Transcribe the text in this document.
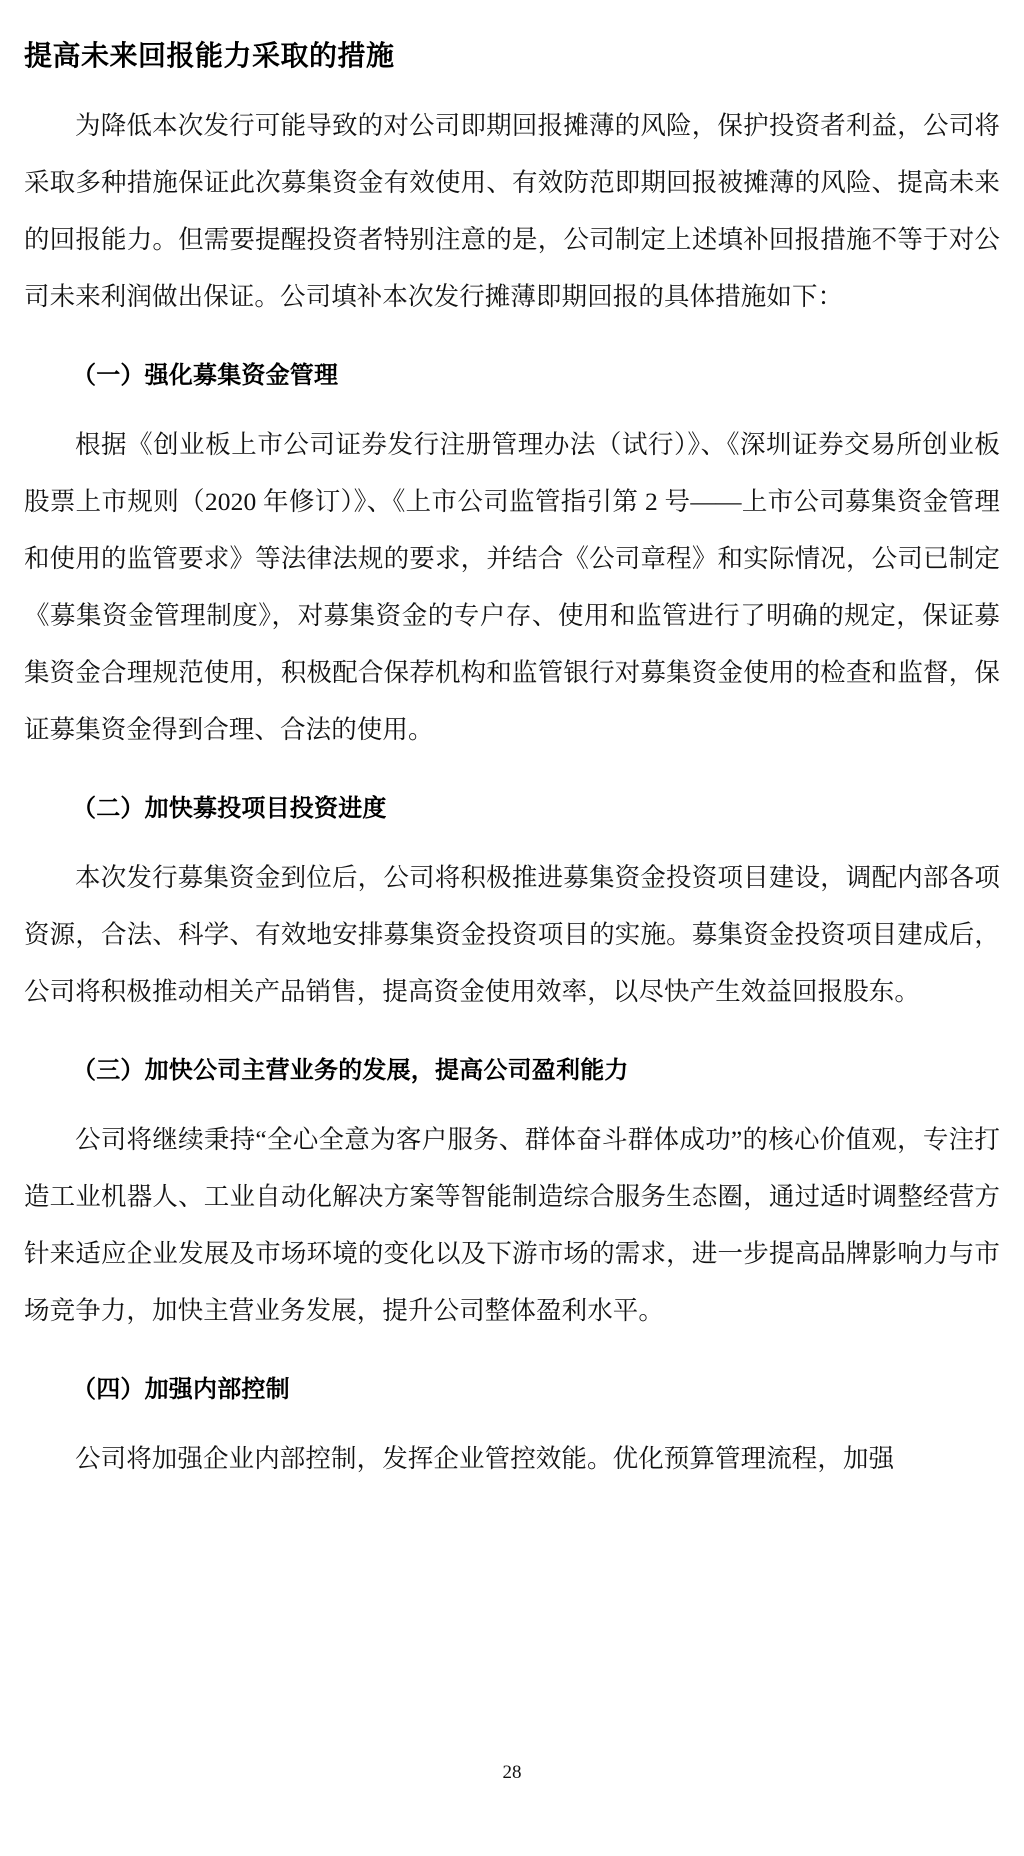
提高未来回报能力采取的措施

为降低本次发行可能导致的对公司即期回报摊薄的风险，保护投资者利益，公司将采取多种措施保证此次募集资金有效使用、有效防范即期回报被摊薄的风险、提高未来的回报能力。但需要提醒投资者特别注意的是，公司制定上述填补回报措施不等于对公司未来利润做出保证。公司填补本次发行摊薄即期回报的具体措施如下：

（一）强化募集资金管理

根据《创业板上市公司证券发行注册管理办法（试行）》、《深圳证券交易所创业板股票上市规则（2020 年修订）》、《上市公司监管指引第 2 号——上市公司募集资金管理和使用的监管要求》等法律法规的要求，并结合《公司章程》和实际情况，公司已制定《募集资金管理制度》，对募集资金的专户存、使用和监管进行了明确的规定，保证募集资金合理规范使用，积极配合保荐机构和监管银行对募集资金使用的检查和监督，保证募集资金得到合理、合法的使用。

（二）加快募投项目投资进度

本次发行募集资金到位后，公司将积极推进募集资金投资项目建设，调配内部各项资源，合法、科学、有效地安排募集资金投资项目的实施。募集资金投资项目建成后，公司将积极推动相关产品销售，提高资金使用效率，以尽快产生效益回报股东。

（三）加快公司主营业务的发展，提高公司盈利能力

公司将继续秉持“全心全意为客户服务、群体奋斗群体成功”的核心价值观，专注打造工业机器人、工业自动化解决方案等智能制造综合服务生态圈，通过适时调整经营方针来适应企业发展及市场环境的变化以及下游市场的需求，进一步提高品牌影响力与市场竞争力，加快主营业务发展，提升公司整体盈利水平。

（四）加强内部控制

公司将加强企业内部控制，发挥企业管控效能。优化预算管理流程，加强

28
